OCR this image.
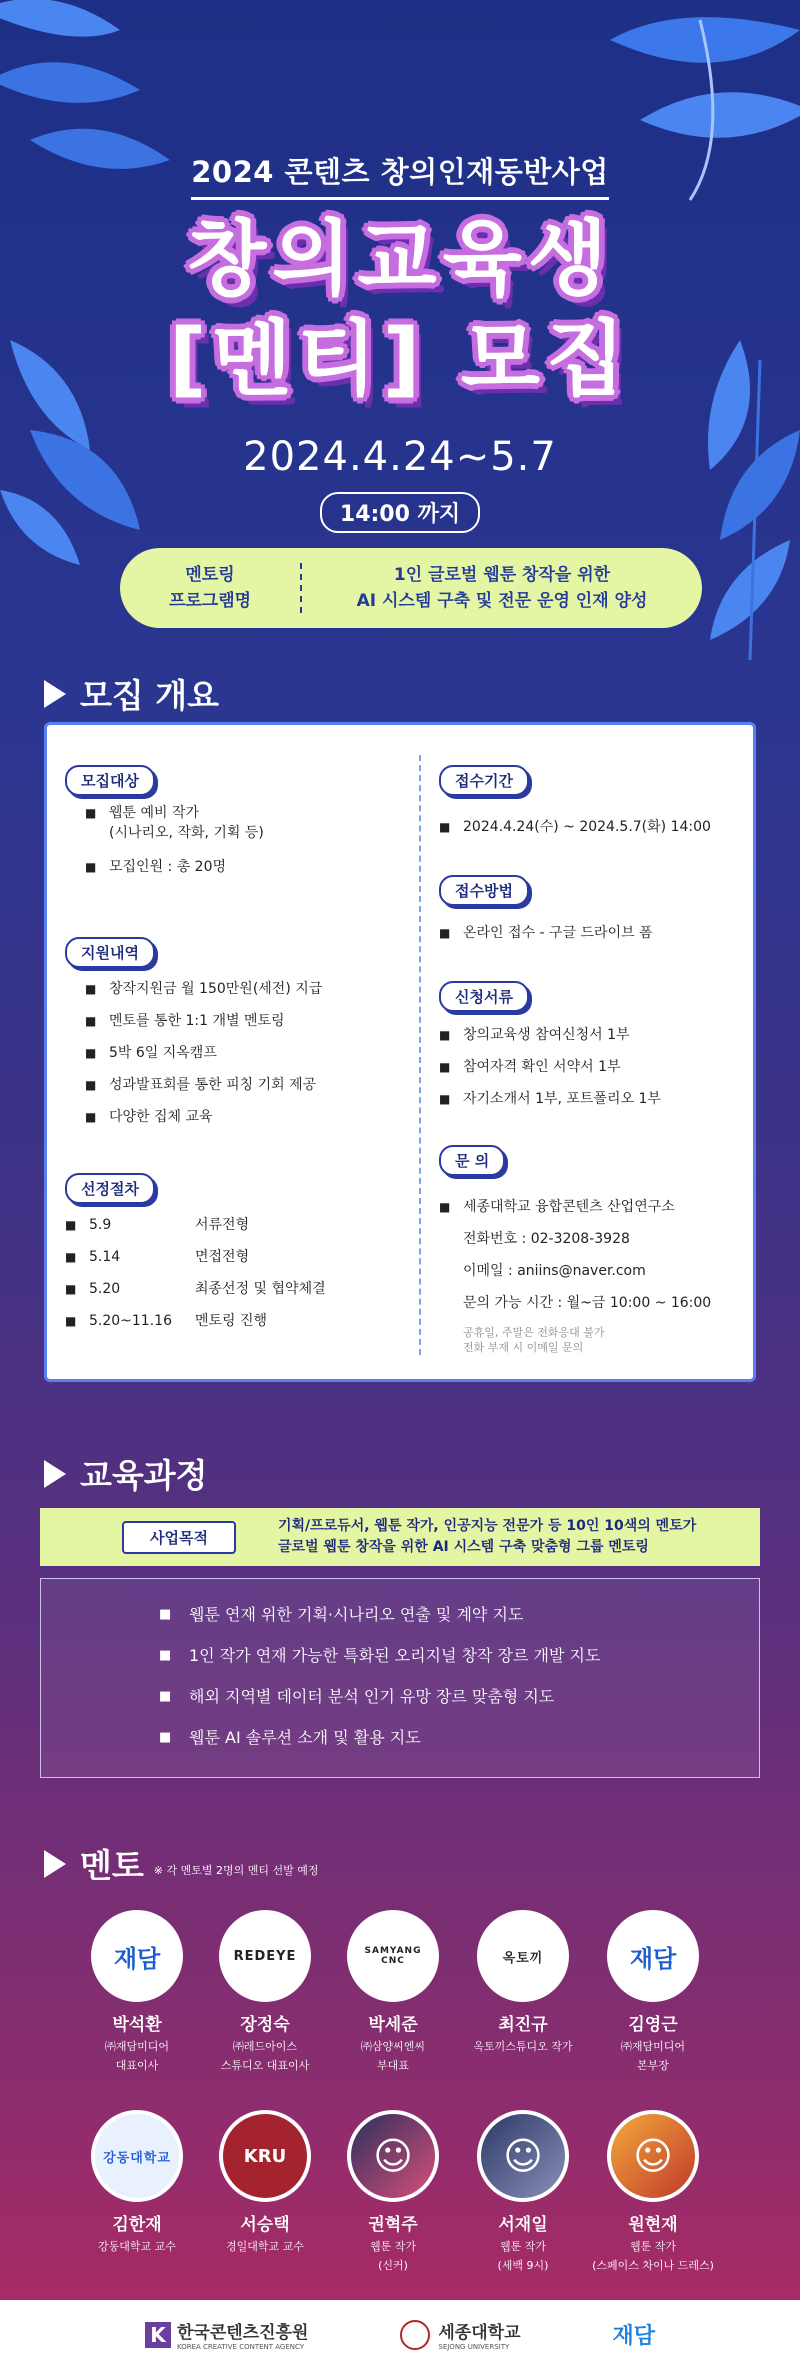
2024 콘텐츠 창의인재동반사업
창의교육생
[멘티] 모집
2024.4.24~5.7
14:00 까지
멘토링
프로그램명
1인 글로벌 웹툰 창작을 위한
AI 시스템 구축 및 전문 운영 인재 양성
모집 개요
모집대상
■ 웹툰 예비 작가
(시나리오, 작화, 기획 등)
■ 모집인원 : 총 20명
지원내역
■ 창작지원금 월 150만원(세전) 지급
■ 멘토를 통한 1:1 개별 멘토링
■ 5박 6일 지옥캠프
■ 성과발표회를 통한 피칭 기회 제공
■ 다양한 집체 교육
선정절차
■ 5.9	서류전형
■ 5.14	면접전형
■ 5.20	최종선정 및 협약체결
■ 5.20~11.16	멘토링 진행
접수기간
■ 2024.4.24(수) ~ 2024.5.7(화) 14:00
접수방법
■ 온라인 접수 - 구글 드라이브 폼
신청서류
■ 창의교육생 참여신청서 1부
■ 참여자격 확인 서약서 1부
■ 자기소개서 1부, 포트폴리오 1부
문 의
■ 세종대학교 융합콘텐츠 산업연구소
전화번호 : 02-3208-3928
이메일 : aniins@naver.com
문의 가능 시간 : 월~금 10:00 ~ 16:00
공휴일, 주말은 전화응대 불가
전화 부재 시 이메일 문의
교육과정
사업목적
기획/프로듀서, 웹툰 작가, 인공지능 전문가 등 10인 10색의 멘토가
글로벌 웹툰 창작을 위한 AI 시스템 구축 맞춤형 그룹 멘토링
■ 웹툰 연재 위한 기획·시나리오 연출 및 계약 지도
■ 1인 작가 연재 가능한 특화된 오리지널 창작 장르 개발 지도
■ 해외 지역별 데이터 분석 인기 유망 장르 맞춤형 지도
■ 웹툰 AI 솔루션 소개 및 활용 지도
멘토 ※ 각 멘토별 2명의 멘티 선발 예정
재담
박석환
㈜재담미디어
대표이사
REDEYE
장정숙
㈜레드아이스
스튜디오 대표이사
SAMYANG CNC
박세준
㈜삼양씨엔씨
부대표
옥토끼
최진규
옥토끼스튜디오 작가
재담
김영근
㈜재담미디어
본부장
강동대학교
김한재
강동대학교 교수
KRU
서승택
경일대학교 교수
☺
권혁주
웹툰 작가
(신커)
☺
서재일
웹툰 작가
(세백 9시)
☺
원현재
웹툰 작가
(스페이스 차이나 드레스)
K 한국콘텐츠진흥원
KOREA CREATIVE CONTENT AGENCY
세종대학교
SEJONG UNIVERSITY	재담
